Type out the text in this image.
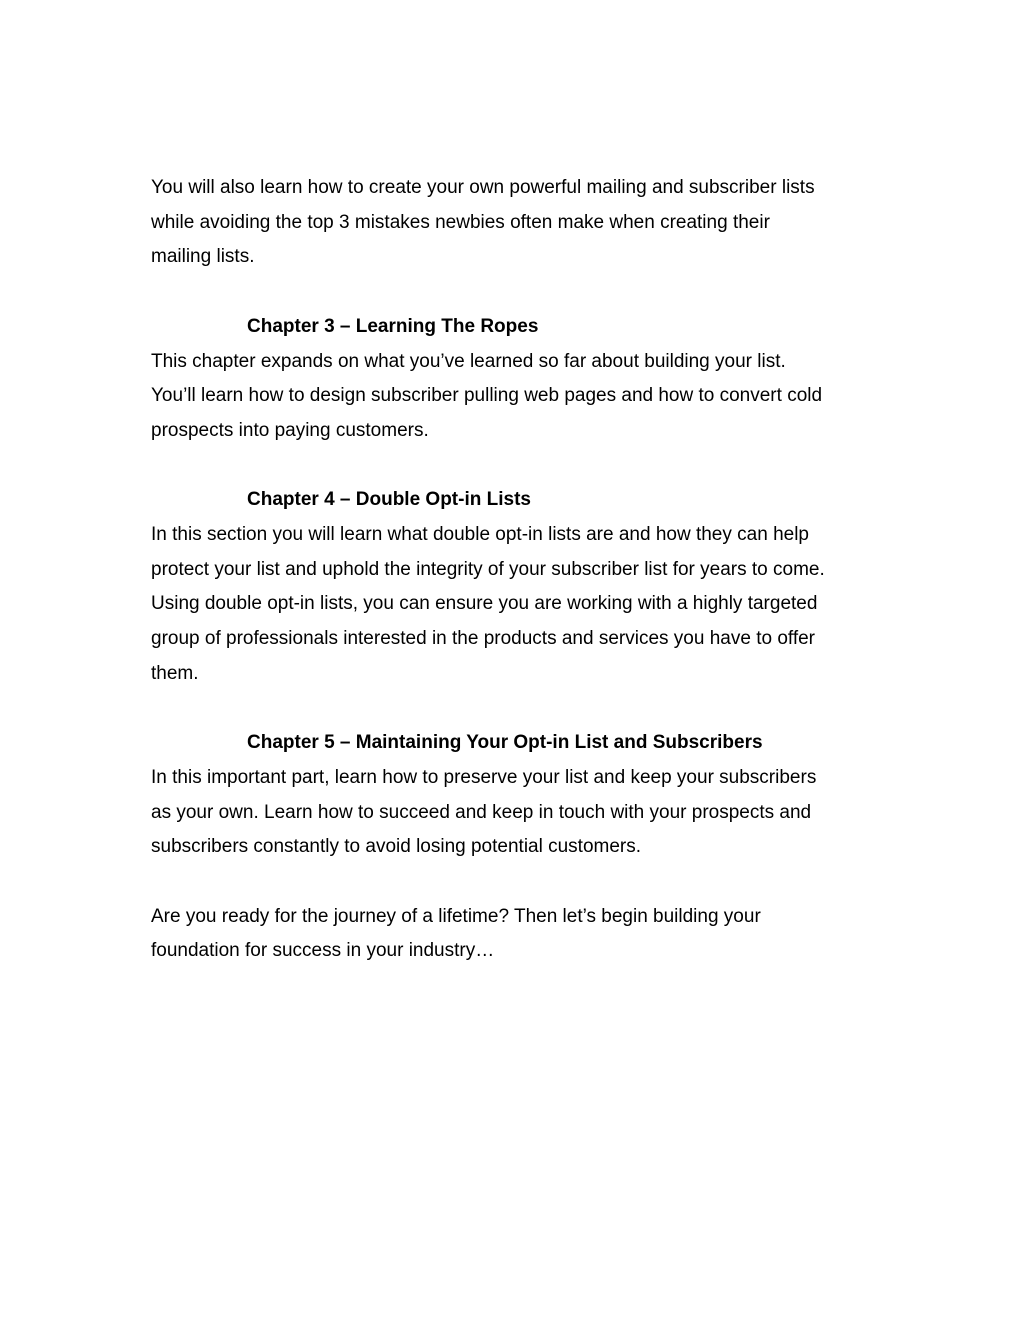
You will also learn how to create your own powerful mailing and subscriber lists
while avoiding the top 3 mistakes newbies often make when creating their
mailing lists.

Chapter 3 – Learning The Ropes

This chapter expands on what you’ve learned so far about building your list.
You’ll learn how to design subscriber pulling web pages and how to convert cold
prospects into paying customers.

Chapter 4 – Double Opt-in Lists

In this section you will learn what double opt-in lists are and how they can help
protect your list and uphold the integrity of your subscriber list for years to come.
Using double opt-in lists, you can ensure you are working with a highly targeted
group of professionals interested in the products and services you have to offer
them.

Chapter 5 – Maintaining Your Opt-in List and Subscribers

In this important part, learn how to preserve your list and keep your subscribers
as your own. Learn how to succeed and keep in touch with your prospects and
subscribers constantly to avoid losing potential customers.

Are you ready for the journey of a lifetime? Then let’s begin building your
foundation for success in your industry…
